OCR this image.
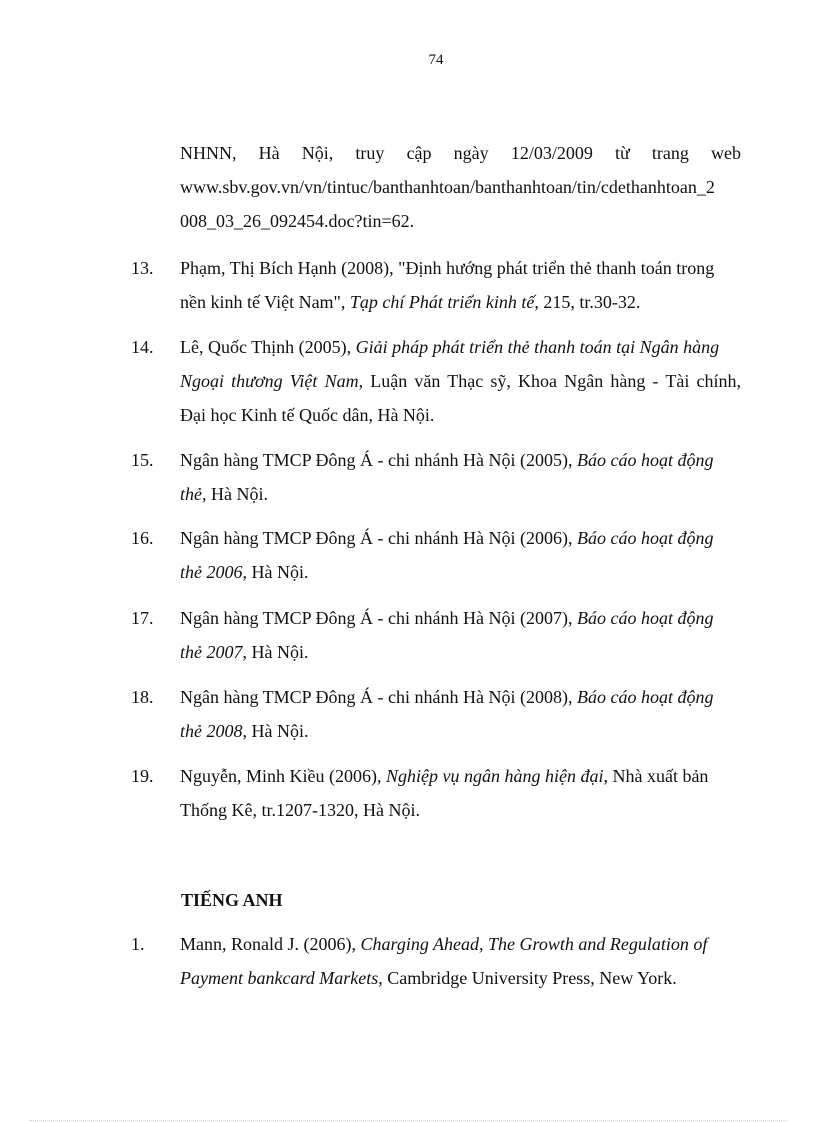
74
NHNN, Hà Nội, truy cập ngày 12/03/2009 từ trang web
www.sbv.gov.vn/vn/tintuc/banthanhtoan/banthanhtoan/tin/cdethanhtoan_2
008_03_26_092454.doc?tin=62.
13. Phạm, Thị Bích Hạnh (2008), "Định hướng phát triển thẻ thanh toán trong
nền kinh tế Việt Nam", Tạp chí Phát triển kinh tế, 215, tr.30-32.
14. Lê, Quốc Thịnh (2005), Giải pháp phát triển thẻ thanh toán tại Ngân hàng
Ngoại thương Việt Nam, Luận văn Thạc sỹ, Khoa Ngân hàng - Tài chính,
Đại học Kinh tế Quốc dân, Hà Nội.
15. Ngân hàng TMCP Đông Á - chi nhánh Hà Nội (2005), Báo cáo hoạt động
thẻ, Hà Nội.
16. Ngân hàng TMCP Đông Á - chi nhánh Hà Nội (2006), Báo cáo hoạt động
thẻ 2006, Hà Nội.
17. Ngân hàng TMCP Đông Á - chi nhánh Hà Nội (2007), Báo cáo hoạt động
thẻ 2007, Hà Nội.
18. Ngân hàng TMCP Đông Á - chi nhánh Hà Nội (2008), Báo cáo hoạt động
thẻ 2008, Hà Nội.
19. Nguyễn, Minh Kiều (2006), Nghiệp vụ ngân hàng hiện đại, Nhà xuất bản
Thống Kê, tr.1207-1320, Hà Nội.
TIẾNG ANH
1. Mann, Ronald J. (2006), Charging Ahead, The Growth and Regulation of
Payment bankcard Markets, Cambridge University Press, New York.
